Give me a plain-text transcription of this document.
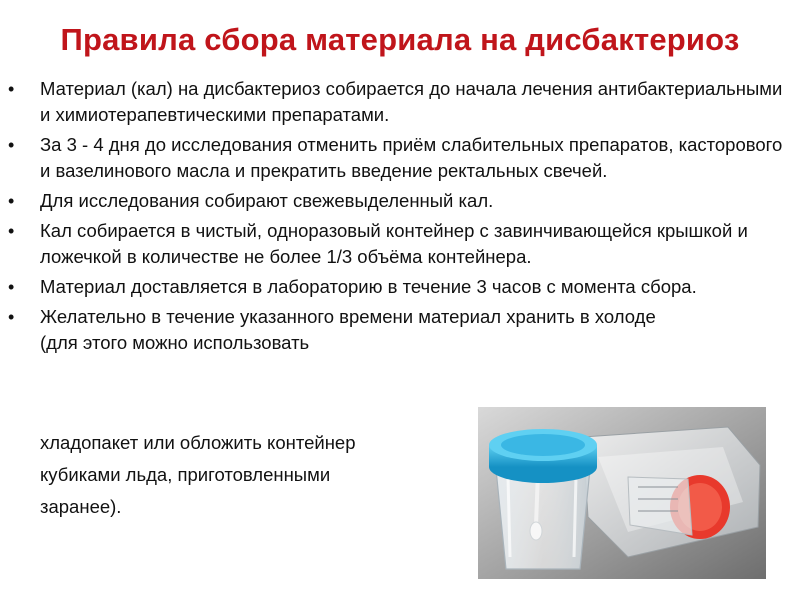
Правила сбора материала на дисбактериоз
• Материал (кал) на дисбактериоз собирается до начала лечения антибактериальными и химиотерапевтическими препаратами.
• За 3 - 4 дня до исследования отменить приём слабительных препаратов, касторового и вазелинового масла и прекратить введение ректальных свечей.
• Для исследования собирают свежевыделенный кал.
• Кал собирается в чистый, одноразовый контейнер с завинчивающейся крышкой и ложечкой в количестве не более 1/3 объёма контейнера.
• Материал доставляется в лабораторию в течение 3 часов с момента сбора.
• Желательно в течение указанного времени материал хранить в холоде
(для этого можно использовать
хладопакет или обложить контейнер
кубиками льда, приготовленными
заранее).
